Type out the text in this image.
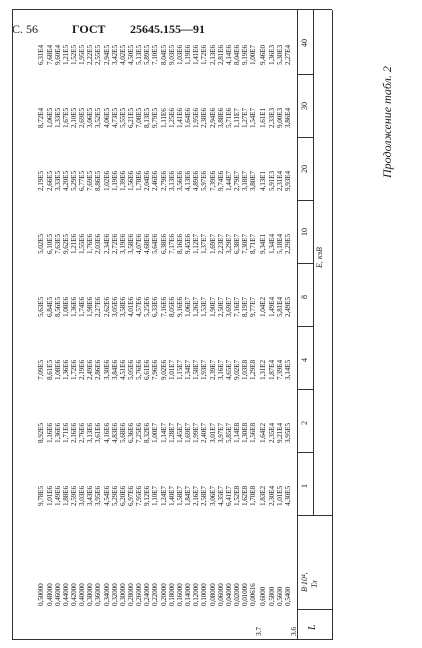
С. 56	ГОСТ 25645.155—91
Продолжение табл. 2
L
B·10⁴, Тл
E, кэВ
1
2
4
8
10
20
30
40
3.6
0,5400
4,30E5
3,95E5
3,14E5
2,49E5
2,29E5
9,93E4
3,86E4
2,27E4
0,5600
1,01E5
9,21E4
7,39E4
5,81E4
5,18E4
2,31E4
9,00E3
5,30E3
0,5800
2,30E4
2,35E4
1,87E4
1,49E4
1,34E4
5,91E3
2,33E3
1,36E3
0,6000
1,83E2
1,64E2
1,31E2
1,04E2
9,34E1
4,13E1
1,61E1
9,46E0
3.7
0,00616
1,70E8
1,56E8
1,29E8
9,77E7
8,71E7
3,80E7
1,54E7
1,00E7
0,01000
1,62E8
1,30E8
1,03E8
8,19E7
7,30E7
3,18E7
1,27E7
9,19E6
0,02000
1,52E8
1,14E8
9,02E7
7,16E7
6,38E7
2,79E7
1,11E7
8,04E6
0,04000
6,41E7
5,85E7
4,65E7
3,69E7
3,29E7
1,44E7
5,71E6
4,14E6
0,06000
4,35E7
3,97E7
3,16E7
2,50E7
2,23E7
9,74E6
3,88E6
2,81E6
0,08000
3,06E7
3,01E7
2,39E7
1,90E7
1,69E7
7,39E6
2,94E6
2,13E6
0,10000
2,58E7
2,40E7
1,93E7
1,53E7
1,37E7
5,97E6
2,38E6
1,72E6
0,12000
2,16E7
1,99E7
1,58E7
1,26E7
1,12E7
4,89E6
1,95E6
1,41E6
0,14000
1,84E7
1,69E7
1,34E7
1,06E7
9,45E6
4,13E6
1,64E6
1,19E6
0,16000
1,58E7
1,45E7
1,15E7
9,16E6
8,16E6
3,56E6
1,41E6
1,03E6
0,18000
1,40E7
1,28E7
1,01E7
8,05E6
7,17E6
3,13E6
1,25E6
9,03E5
0,20000
1,24E7
1,14E7
9,02E6
7,16E6
6,38E6
2,79E6
1,11E6
8,04E5
0,22000
1,10E7
1,00E7
7,96E6
6,33E6
5,64E6
2,46E6
9,79E5
7,10E5
0,24000
9,12E6
8,32E6
6,61E6
5,25E6
4,68E6
2,04E6
8,13E5
5,89E5
0,26000
7,95E6
7,25E6
5,76E6
4,57E6
4,07E6
1,78E6
7,08E5
5,13E5
0,28000
6,97E6
6,36E6
5,05E6
4,01E6
3,58E6
1,56E6
6,21E5
4,50E5
0,30000
6,20E6
5,68E6
4,51E6
3,58E6
3,19E6
1,39E6
5,55E5
4,02E5
0,32000
5,29E6
4,83E6
3,84E6
3,05E6
2,72E6
1,19E6
4,73E5
3,42E5
0,34000
4,54E6
4,16E6
3,30E6
2,62E6
2,34E6
1,02E6
4,06E5
2,94E5
0,36000
3,95E6
3,61E6
2,86E6
2,27E6
2,03E6
8,86E5
3,52E5
2,55E5
0,38000
3,43E6
3,13E6
2,49E6
1,98E6
1,76E6
7,69E5
3,06E5
2,22E5
0,40000
3,03E6
2,76E6
2,19E6
1,74E6
1,55E6
6,77E5
2,69E5
1,95E5
0,42000
2,59E6
2,16E6
1,72E6
1,36E6
1,21E6
5,29E5
2,10E5
1,52E5
0,44000
1,88E6
1,71E6
1,36E6
1,08E6
9,62E5
4,20E5
1,67E5
1,21E5
0,46000
1,49E6
1,36E6
1,08E6
8,56E5
7,63E5
3,33E5
1,33E5
9,60E4
0,48000
1,01E6
1,16E6
8,61E5
6,84E5
6,10E5
2,66E5
1,06E5
7,68E4
0,50000
9,78E5
8,92E5
7,09E5
5,63E5
5,02E5
2,19E5
8,72E4
6,31E4
